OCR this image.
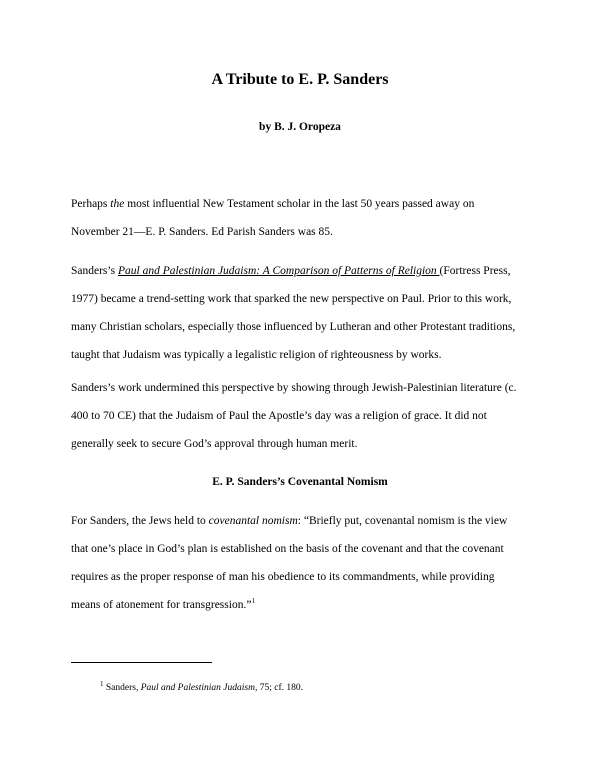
A Tribute to E. P. Sanders
by B. J. Oropeza
Perhaps the most influential New Testament scholar in the last 50 years passed away on
November 21—E. P. Sanders. Ed Parish Sanders was 85.
Sanders’s Paul and Palestinian Judaism: A Comparison of Patterns of Religion (Fortress Press,
1977) became a trend-setting work that sparked the new perspective on Paul. Prior to this work,
many Christian scholars, especially those influenced by Lutheran and other Protestant traditions,
taught that Judaism was typically a legalistic religion of righteousness by works.
Sanders’s work undermined this perspective by showing through Jewish-Palestinian literature (c.
400 to 70 CE) that the Judaism of Paul the Apostle’s day was a religion of grace. It did not
generally seek to secure God’s approval through human merit.
E. P. Sanders’s Covenantal Nomism
For Sanders, the Jews held to covenantal nomism: “Briefly put, covenantal nomism is the view
that one’s place in God’s plan is established on the basis of the covenant and that the covenant
requires as the proper response of man his obedience to its commandments, while providing
means of atonement for transgression.”$^1$
$^1$ Sanders, Paul and Palestinian Judaism, 75; cf. 180.
